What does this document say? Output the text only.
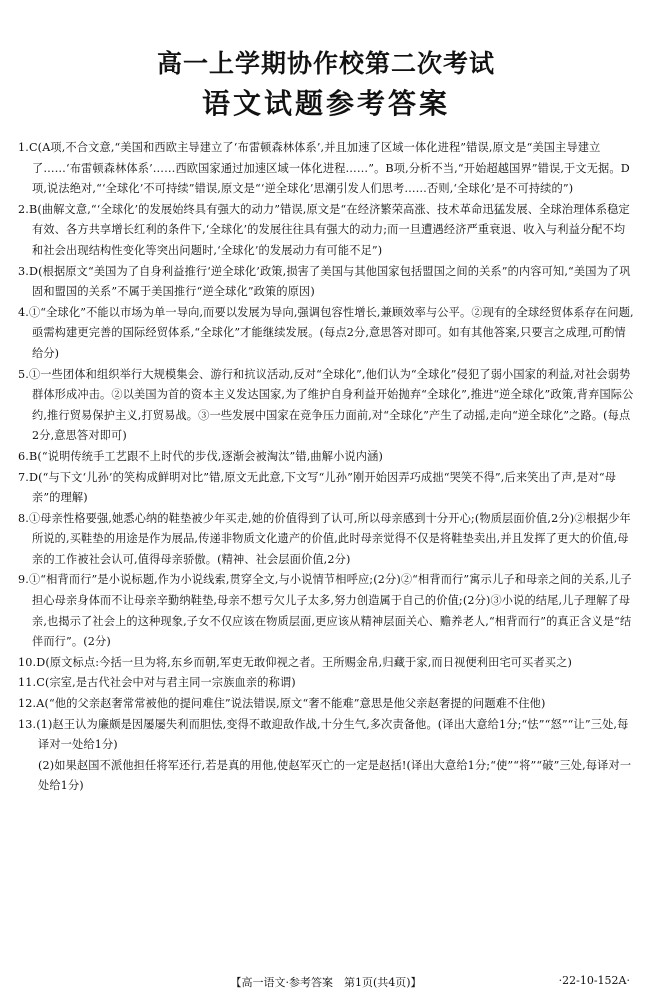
高一上学期协作校第二次考试
语文试题参考答案

1.C(A项,不合文意,“美国和西欧主导建立了‘布雷顿森林体系’,并且加速了区域一体化进程”错误,原文是“美国主导建立了……‘布雷顿森林体系’……西欧国家通过加速区域一体化进程……”。B项,分析不当,“开始超越国界”错误,于文无据。D项,说法绝对,“‘全球化’不可持续”错误,原文是“‘逆全球化’思潮引发人们思考……否则,‘全球化’是不可持续的”)

2.B(曲解文意,“‘全球化’的发展始终具有强大的动力”错误,原文是“在经济繁荣高涨、技术革命迅猛发展、全球治理体系稳定有效、各方共享增长红利的条件下,‘全球化’的发展往往具有强大的动力;而一旦遭遇经济严重衰退、收入与利益分配不均和社会出现结构性变化等突出问题时,‘全球化’的发展动力有可能不足”)

3.D(根据原文“美国为了自身利益推行‘逆全球化’政策,损害了美国与其他国家包括盟国之间的关系”的内容可知,“美国为了巩固和盟国的关系”不属于美国推行“逆全球化”政策的原因)

4.①“全球化”不能以市场为单一导向,而要以发展为导向,强调包容性增长,兼顾效率与公平。②现有的全球经贸体系存在问题,亟需构建更完善的国际经贸体系,“全球化”才能继续发展。(每点2分,意思答对即可。如有其他答案,只要言之成理,可酌情给分)

5.①一些团体和组织举行大规模集会、游行和抗议活动,反对“全球化”,他们认为“全球化”侵犯了弱小国家的利益,对社会弱势群体形成冲击。②以美国为首的资本主义发达国家,为了维护自身利益开始抛弃“全球化”,推进“逆全球化”政策,背弃国际公约,推行贸易保护主义,打贸易战。③一些发展中国家在竞争压力面前,对“全球化”产生了动摇,走向“逆全球化”之路。(每点2分,意思答对即可)

6.B(“说明传统手工艺跟不上时代的步伐,逐渐会被淘汰”错,曲解小说内涵)

7.D(“与下文‘儿孙’的笑构成鲜明对比”错,原文无此意,下文写“儿孙”刚开始因弄巧成拙“哭笑不得”,后来笑出了声,是对“母亲”的理解)

8.①母亲性格要强,她悉心纳的鞋垫被少年买走,她的价值得到了认可,所以母亲感到十分开心;(物质层面价值,2分)②根据少年所说的,买鞋垫的用途是作为展品,传递非物质文化遗产的价值,此时母亲觉得不仅是将鞋垫卖出,并且发挥了更大的价值,母亲的工作被社会认可,值得母亲骄傲。(精神、社会层面价值,2分)

9.①“相背而行”是小说标题,作为小说线索,贯穿全文,与小说情节相呼应;(2分)②“相背而行”寓示儿子和母亲之间的关系,儿子担心母亲身体而不让母亲辛勤纳鞋垫,母亲不想亏欠儿子太多,努力创造属于自己的价值;(2分)③小说的结尾,儿子理解了母亲,也揭示了社会上的这种现象,子女不仅应该在物质层面,更应该从精神层面关心、赡养老人,“相背而行”的真正含义是“结伴而行”。(2分)

10.D(原文标点:今括一旦为将,东乡而朝,军吏无敢仰视之者。王所赐金帛,归藏于家,而日视便利田宅可买者买之)

11.C(宗室,是古代社会中对与君主同一宗族血亲的称谓)

12.A(“他的父亲赵奢常常被他的提问难住”说法错误,原文“奢不能难”意思是他父亲赵奢提的问题难不住他)

13.(1)赵王认为廉颇是因屡屡失利而胆怯,变得不敢迎敌作战,十分生气,多次责备他。(译出大意给1分;“怯”“怒”“让”三处,每译对一处给1分)

(2)如果赵国不派他担任将军还行,若是真的用他,使赵军灭亡的一定是赵括!(译出大意给1分;“使”“将”“破”三处,每译对一处给1分)

【高一语文·参考答案　第1页(共4页)】	·22-10-152A·
